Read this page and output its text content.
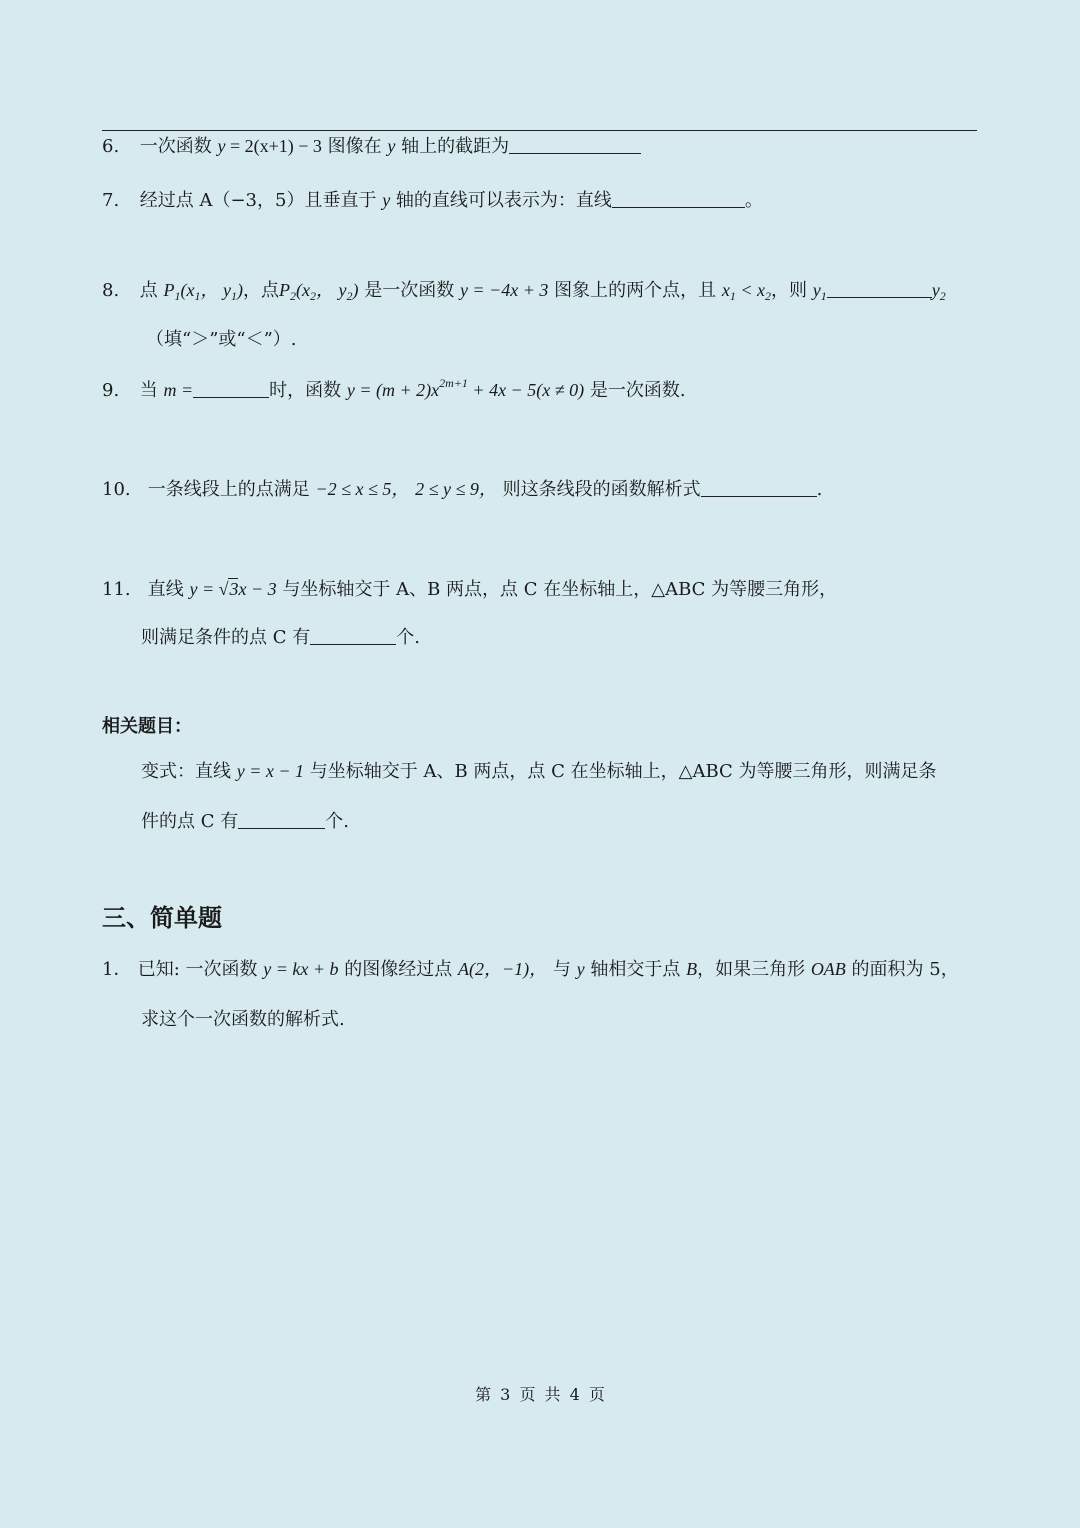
6. 一次函数 y = 2(x+1) − 3 图像在 y 轴上的截距为
7. 经过点 A（−3，5）且垂直于 y 轴的直线可以表示为：直线	。
8. 点 $P_1(x_1$， $y_1$)，点$P_2(x_2$， $y_2$) 是一次函数 y = −4x + 3 图象上的两个点，且 $x_1 < x_2$，则 $y_1$	$y_2$
（填“＞”或“＜”）.
9. 当 m =	时，函数 $y = (m + 2)x^{2m+1} + 4x - 5(x \ne 0)$ 是一次函数.
10. 一条线段上的点满足 −2 ≤ x ≤ 5， 2 ≤ y ≤ 9， 则这条线段的函数解析式	.
11. 直线 y = √3x − 3 与坐标轴交于 A、B 两点，点 C 在坐标轴上，△ABC 为等腰三角形，
则满足条件的点 C 有	个.
相关题目：
变式：直线 y = x − 1 与坐标轴交于 A、B 两点，点 C 在坐标轴上，△ABC 为等腰三角形，则满足条
件的点 C 有	个.
三、简单题
1． 已知: 一次函数 y = kx + b 的图像经过点 A(2，−1)， 与 y 轴相交于点 B，如果三角形 OAB 的面积为 5，
求这个一次函数的解析式.
第 3 页 共 4 页
